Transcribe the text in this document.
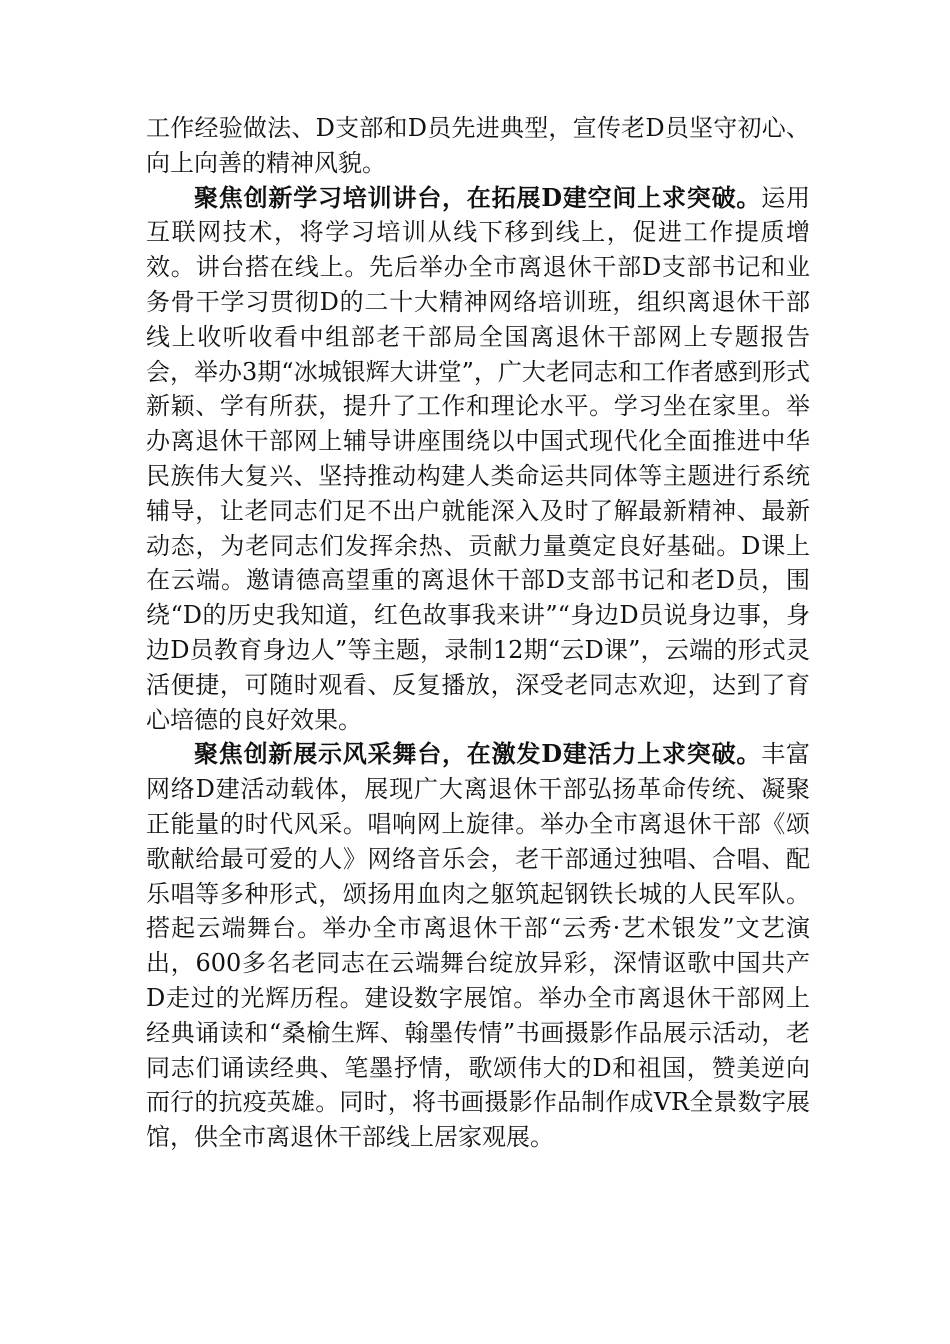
工作经验做法、D支部和D员先进典型，宣传老D员坚守初心、向上向善的精神风貌。

聚焦创新学习培训讲台，在拓展D建空间上求突破。运用互联网技术，将学习培训从线下移到线上，促进工作提质增效。讲台搭在线上。先后举办全市离退休干部D支部书记和业务骨干学习贯彻D的二十大精神网络培训班，组织离退休干部线上收听收看中组部老干部局全国离退休干部网上专题报告会，举办3期“冰城银辉大讲堂”，广大老同志和工作者感到形式新颖、学有所获，提升了工作和理论水平。学习坐在家里。举办离退休干部网上辅导讲座围绕以中国式现代化全面推进中华民族伟大复兴、坚持推动构建人类命运共同体等主题进行系统辅导，让老同志们足不出户就能深入及时了解最新精神、最新动态，为老同志们发挥余热、贡献力量奠定良好基础。D课上在云端。邀请德高望重的离退休干部D支部书记和老D员，围绕“D的历史我知道，红色故事我来讲”“身边D员说身边事，身边D员教育身边人”等主题，录制12期“云D课”，云端的形式灵活便捷，可随时观看、反复播放，深受老同志欢迎，达到了育心培德的良好效果。

聚焦创新展示风采舞台，在激发D建活力上求突破。丰富网络D建活动载体，展现广大离退休干部弘扬革命传统、凝聚正能量的时代风采。唱响网上旋律。举办全市离退休干部《颂歌献给最可爱的人》网络音乐会，老干部通过独唱、合唱、配乐唱等多种形式，颂扬用血肉之躯筑起钢铁长城的人民军队。搭起云端舞台。举办全市离退休干部“云秀·艺术银发”文艺演出，600多名老同志在云端舞台绽放异彩，深情讴歌中国共产D走过的光辉历程。建设数字展馆。举办全市离退休干部网上经典诵读和“桑榆生辉、翰墨传情”书画摄影作品展示活动，老同志们诵读经典、笔墨抒情，歌颂伟大的D和祖国，赞美逆向而行的抗疫英雄。同时，将书画摄影作品制作成VR全景数字展馆，供全市离退休干部线上居家观展。
